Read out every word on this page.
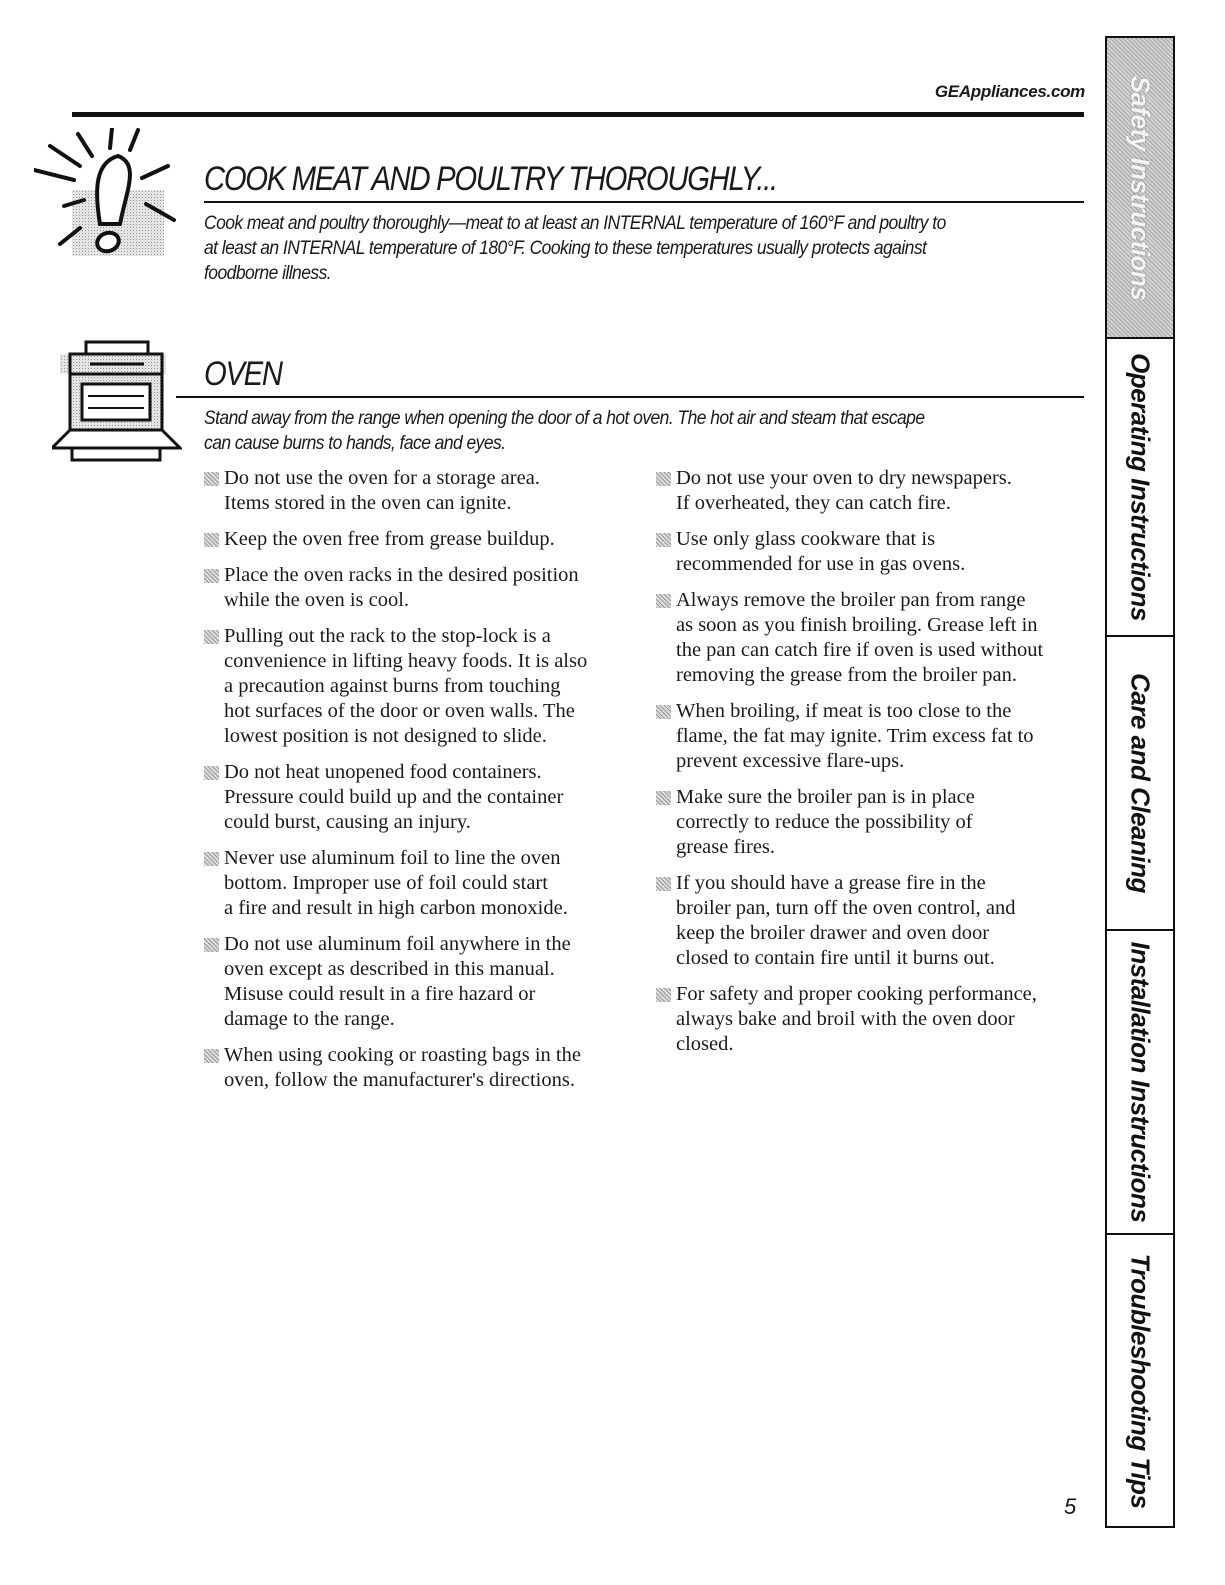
GEAppliances.com
COOK MEAT AND POULTRY THOROUGHLY...
Cook meat and poultry thoroughly—meat to at least an INTERNAL temperature of 160°F and poultry to
at least an INTERNAL temperature of 180°F. Cooking to these temperatures usually protects against
foodborne illness.
OVEN
Stand away from the range when opening the door of a hot oven. The hot air and steam that escape
can cause burns to hands, face and eyes.
Do not use the oven for a storage area.
Items stored in the oven can ignite.
Keep the oven free from grease buildup.
Place the oven racks in the desired position
while the oven is cool.
Pulling out the rack to the stop-lock is a
convenience in lifting heavy foods. It is also
a precaution against burns from touching
hot surfaces of the door or oven walls. The
lowest position is not designed to slide.
Do not heat unopened food containers.
Pressure could build up and the container
could burst, causing an injury.
Never use aluminum foil to line the oven
bottom. Improper use of foil could start
a fire and result in high carbon monoxide.
Do not use aluminum foil anywhere in the
oven except as described in this manual.
Misuse could result in a fire hazard or
damage to the range.
When using cooking or roasting bags in the
oven, follow the manufacturer's directions.
Do not use your oven to dry newspapers.
If overheated, they can catch fire.
Use only glass cookware that is
recommended for use in gas ovens.
Always remove the broiler pan from range
as soon as you finish broiling. Grease left in
the pan can catch fire if oven is used without
removing the grease from the broiler pan.
When broiling, if meat is too close to the
flame, the fat may ignite. Trim excess fat to
prevent excessive flare-ups.
Make sure the broiler pan is in place
correctly to reduce the possibility of
grease fires.
If you should have a grease fire in the
broiler pan, turn off the oven control, and
keep the broiler drawer and oven door
closed to contain fire until it burns out.
For safety and proper cooking performance,
always bake and broil with the oven door
closed.
Safety Instructions
Operating Instructions
Care and Cleaning
Installation Instructions
Troubleshooting Tips
5
